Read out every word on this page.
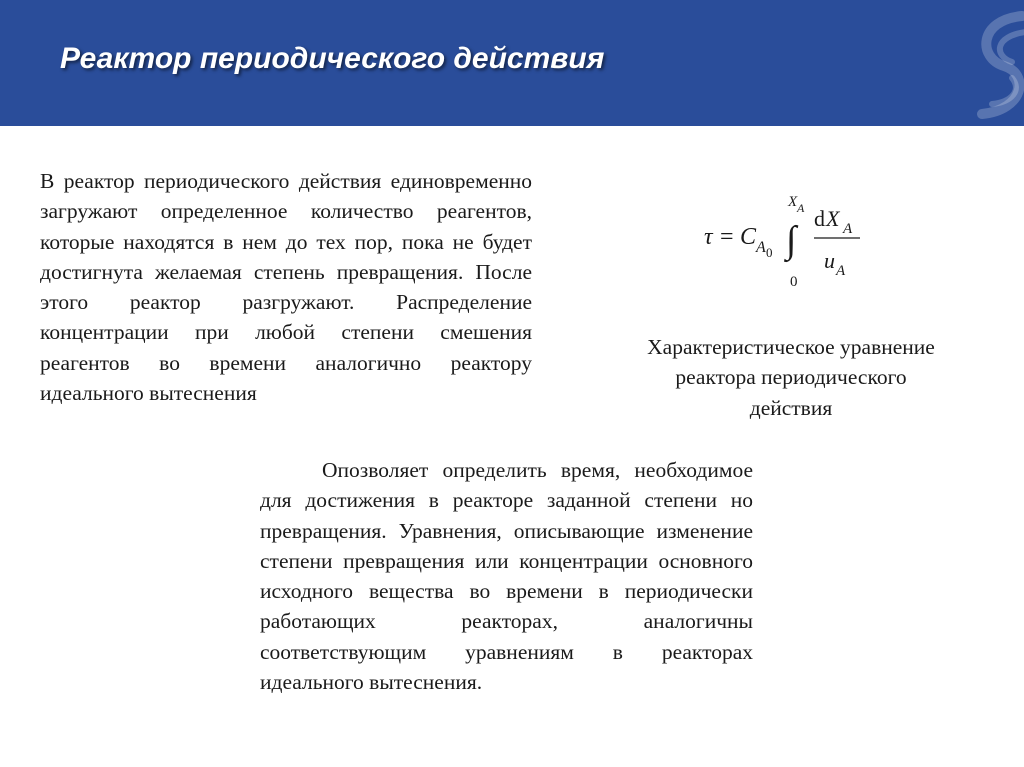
Реактор периодического действия

В реактор периодического действия единовременно загружают определенное количество реагентов, которые находятся в нем до тех пор, пока не будет достигнута желаемая степень превращения. После этого реактор разгружают. Распределение концентрации при любой степени смешения реагентов во времени аналогично реактору идеального вытеснения

τ = C A 0 ∫
X A
0
d X A
u A

Характеристическое уравнение реактора периодического действия

Опозволяет определить время, необходимое для достижения в реакторе заданной степени но превращения. Уравнения, описывающие изменение степени превращения или концентрации основного исходного вещества во времени в периодически работающих реакторах, аналогичны соответствующим уравнениям в реакторах идеального вытеснения.
